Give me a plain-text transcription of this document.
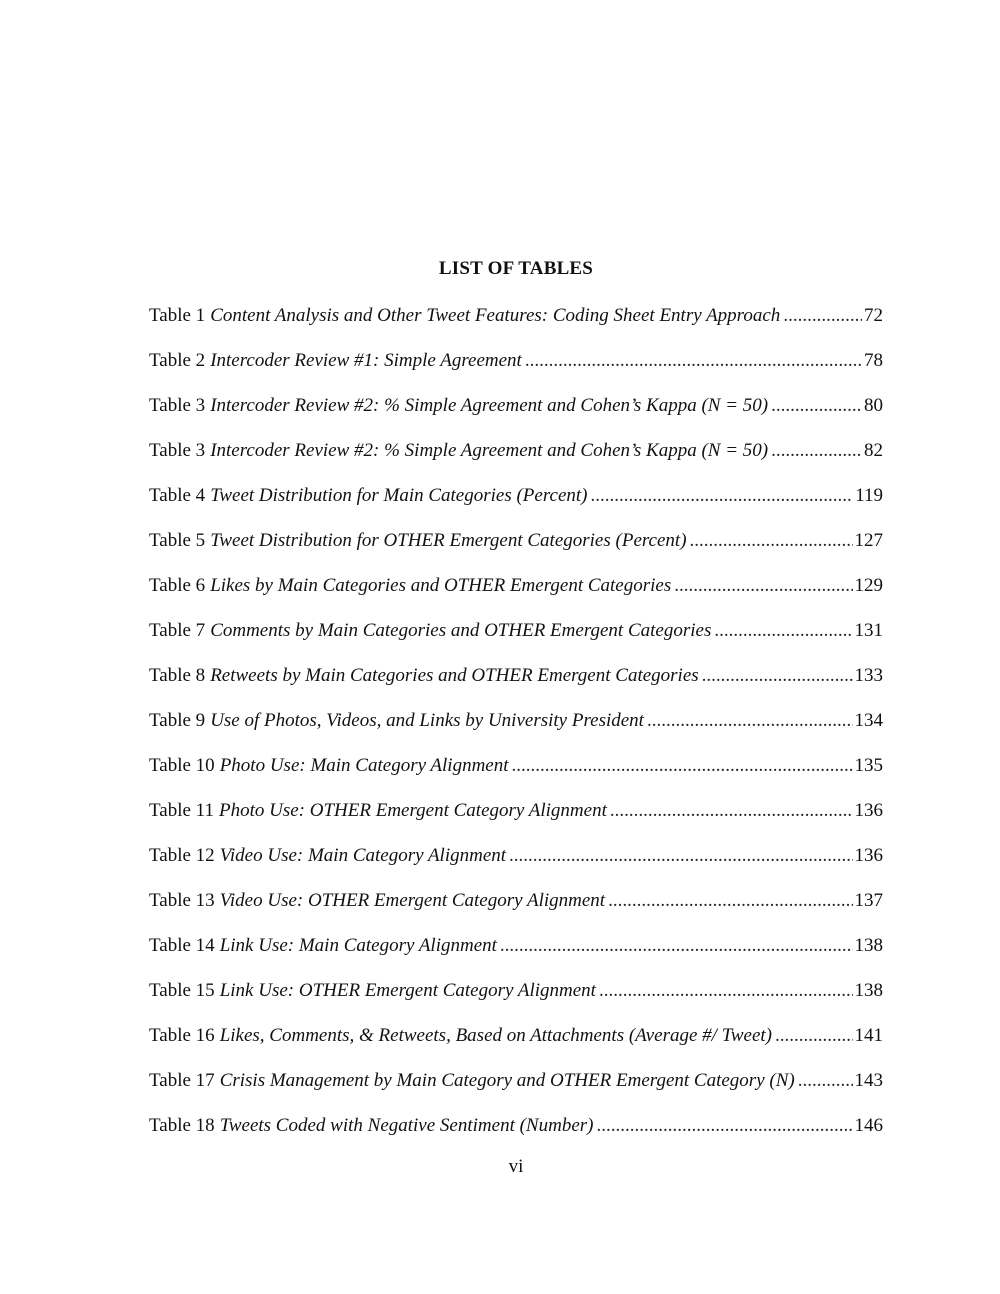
LIST OF TABLES
Table 1 Content Analysis and Other Tweet Features: Coding Sheet Entry Approach .....	72
Table 2 Intercoder Review #1: Simple Agreement .....	78
Table 3 Intercoder Review #2: % Simple Agreement and Cohen’s Kappa (N = 50) .....	80
Table 3 Intercoder Review #2: % Simple Agreement and Cohen’s Kappa (N = 50) .....	82
Table 4 Tweet Distribution for Main Categories (Percent) .....	119
Table 5 Tweet Distribution for OTHER Emergent Categories (Percent) .....	127
Table 6 Likes by Main Categories and OTHER Emergent Categories .....	129
Table 7 Comments by Main Categories and OTHER Emergent Categories .....	131
Table 8 Retweets by Main Categories and OTHER Emergent Categories .....	133
Table 9 Use of Photos, Videos, and Links by University President .....	134
Table 10 Photo Use: Main Category Alignment .....	135
Table 11 Photo Use: OTHER Emergent Category Alignment .....	136
Table 12 Video Use: Main Category Alignment .....	136
Table 13 Video Use: OTHER Emergent Category Alignment .....	137
Table 14 Link Use: Main Category Alignment .....	138
Table 15 Link Use: OTHER Emergent Category Alignment .....	138
Table 16 Likes, Comments, & Retweets, Based on Attachments (Average #/ Tweet) .....	141
Table 17 Crisis Management by Main Category and OTHER Emergent Category (N) .....	143
Table 18 Tweets Coded with Negative Sentiment (Number) .....	146
vi
